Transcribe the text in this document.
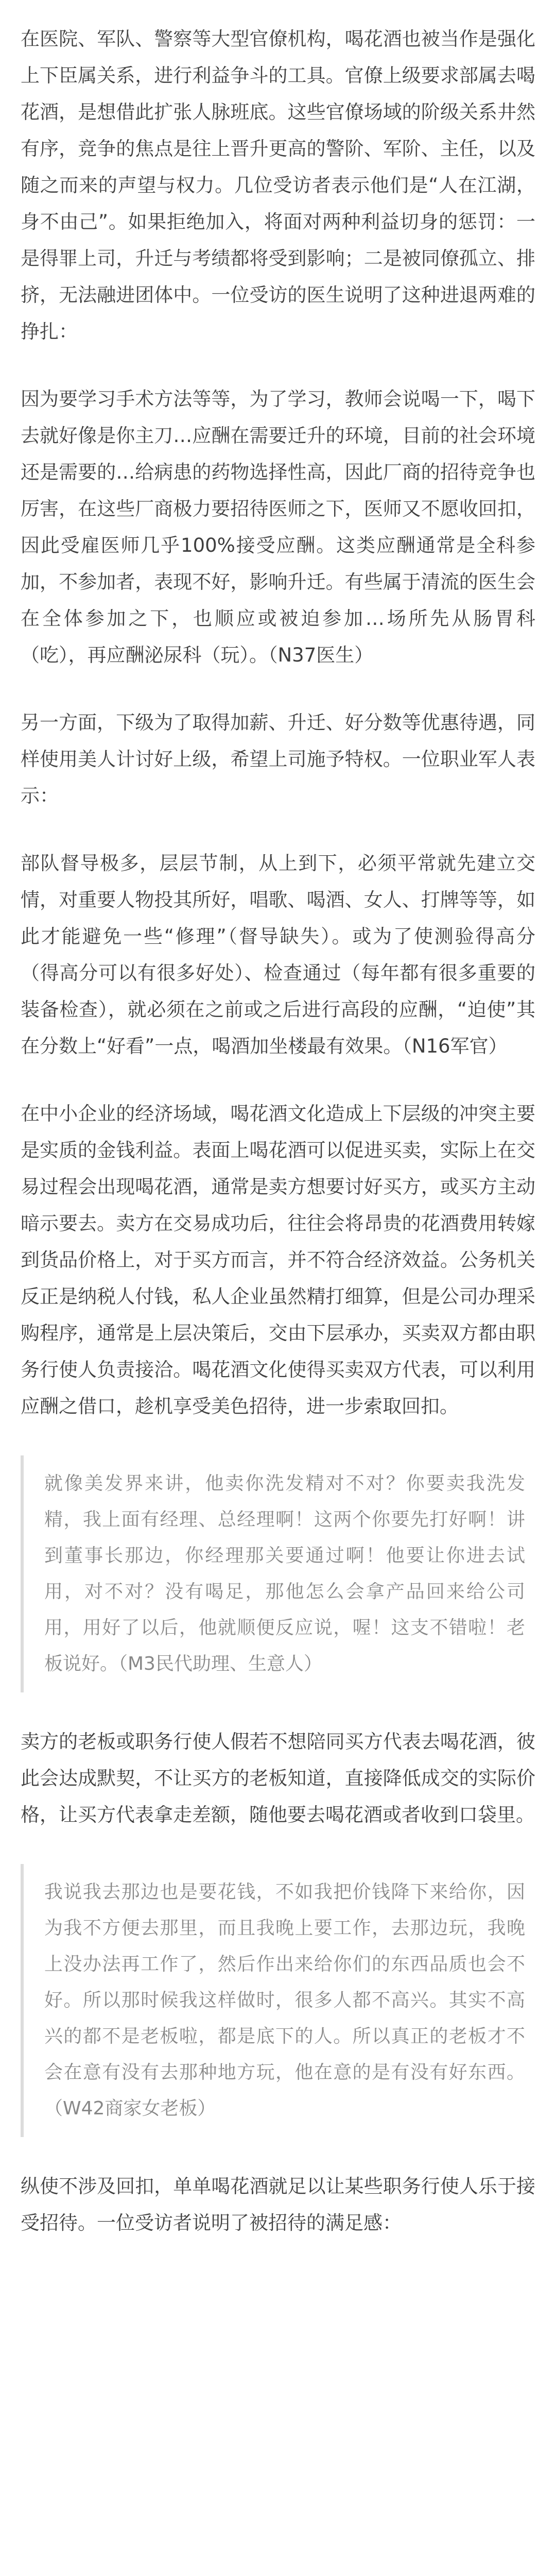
在医院、军队、警察等大型官僚机构，喝花酒也被当作是强化上下臣属关系，进行利益争斗的工具。官僚上级要求部属去喝花酒，是想借此扩张人脉班底。这些官僚场域的阶级关系井然有序，竞争的焦点是往上晋升更高的警阶、军阶、主任，以及随之而来的声望与权力。几位受访者表示他们是“人在江湖，身不由己”。如果拒绝加入，将面对两种利益切身的惩罚：一是得罪上司，升迁与考绩都将受到影响；二是被同僚孤立、排挤，无法融进团体中。一位受访的医生说明了这种进退两难的挣扎：

因为要学习手术方法等等，为了学习，教师会说喝一下，喝下去就好像是你主刀…应酬在需要迁升的环境，目前的社会环境还是需要的…给病患的药物选择性高，因此厂商的招待竞争也厉害，在这些厂商极力要招待医师之下，医师又不愿收回扣，因此受雇医师几乎100%接受应酬。这类应酬通常是全科参加，不参加者，表现不好，影响升迁。有些属于清流的医生会在全体参加之下，也顺应或被迫参加…场所先从肠胃科（吃），再应酬泌尿科（玩）。（N37医生）

另一方面，下级为了取得加薪、升迁、好分数等优惠待遇，同样使用美人计讨好上级，希望上司施予特权。一位职业军人表示：

部队督导极多，层层节制，从上到下，必须平常就先建立交情，对重要人物投其所好，唱歌、喝酒、女人、打牌等等，如此才能避免一些“修理”（督导缺失）。或为了使测验得高分（得高分可以有很多好处）、检查通过（每年都有很多重要的装备检查），就必须在之前或之后进行高段的应酬，“迫使”其在分数上“好看”一点，喝酒加坐楼最有效果。（N16军官）

在中小企业的经济场域，喝花酒文化造成上下层级的冲突主要是实质的金钱利益。表面上喝花酒可以促进买卖，实际上在交易过程会出现喝花酒，通常是卖方想要讨好买方，或买方主动暗示要去。卖方在交易成功后，往往会将昂贵的花酒费用转嫁到货品价格上，对于买方而言，并不符合经济效益。公务机关反正是纳税人付钱，私人企业虽然精打细算，但是公司办理采购程序，通常是上层决策后，交由下层承办，买卖双方都由职务行使人负责接洽。喝花酒文化使得买卖双方代表，可以利用应酬之借口，趁机享受美色招待，进一步索取回扣。

就像美发界来讲，他卖你洗发精对不对？你要卖我洗发精，我上面有经理、总经理啊！这两个你要先打好啊！讲到董事长那边，你经理那关要通过啊！他要让你进去试用，对不对？没有喝足，那他怎么会拿产品回来给公司用，用好了以后，他就顺便反应说，喔！这支不错啦！老板说好。（M3民代助理、生意人）

卖方的老板或职务行使人假若不想陪同买方代表去喝花酒，彼此会达成默契，不让买方的老板知道，直接降低成交的实际价格，让买方代表拿走差额，随他要去喝花酒或者收到口袋里。

我说我去那边也是要花钱，不如我把价钱降下来给你，因为我不方便去那里，而且我晚上要工作，去那边玩，我晚上没办法再工作了，然后作出来给你们的东西品质也会不好。所以那时候我这样做时，很多人都不高兴。其实不高兴的都不是老板啦，都是底下的人。所以真正的老板才不会在意有没有去那种地方玩，他在意的是有没有好东西。（W42商家女老板）

纵使不涉及回扣，单单喝花酒就足以让某些职务行使人乐于接受招待。一位受访者说明了被招待的满足感：
